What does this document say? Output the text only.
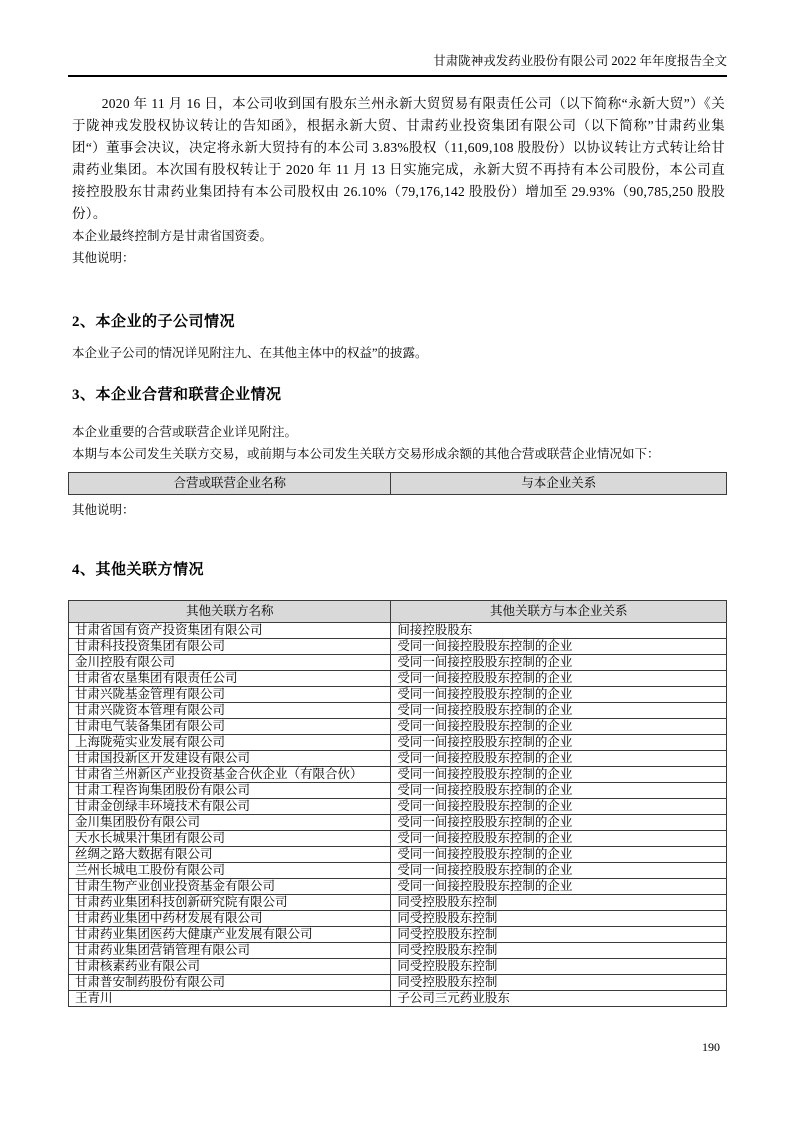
甘肃陇神戎发药业股份有限公司 2022 年年度报告全文

2020 年 11 月 16 日，本公司收到国有股东兰州永新大贸贸易有限责任公司（以下简称“永新大贸”）《关于陇神戎发股权协议转让的告知函》，根据永新大贸、甘肃药业投资集团有限公司（以下简称”甘肃药业集团“）董事会决议，决定将永新大贸持有的本公司 3.83%股权（11,609,108 股股份）以协议转让方式转让给甘肃药业集团。本次国有股权转让于 2020 年 11 月 13 日实施完成，永新大贸不再持有本公司股份，本公司直接控股股东甘肃药业集团持有本公司股权由 26.10%（79,176,142 股股份）增加至 29.93%（90,785,250 股股份）。

本企业最终控制方是甘肃省国资委。

其他说明：

2、本企业的子公司情况

本企业子公司的情况详见附注九、在其他主体中的权益”的披露。

3、本企业合营和联营企业情况

本企业重要的合营或联营企业详见附注。

本期与本公司发生关联方交易，或前期与本公司发生关联方交易形成余额的其他合营或联营企业情况如下：

合营或联营企业名称	与本企业关系

其他说明：

4、其他关联方情况
其他关联方名称	其他关联方与本企业关系
甘肃省国有资产投资集团有限公司	间接控股股东
甘肃科技投资集团有限公司	受同一间接控股股东控制的企业
金川控股有限公司	受同一间接控股股东控制的企业
甘肃省农垦集团有限责任公司	受同一间接控股股东控制的企业
甘肃兴陇基金管理有限公司	受同一间接控股股东控制的企业
甘肃兴陇资本管理有限公司	受同一间接控股股东控制的企业
甘肃电气装备集团有限公司	受同一间接控股股东控制的企业
上海陇菀实业发展有限公司	受同一间接控股股东控制的企业
甘肃国投新区开发建设有限公司	受同一间接控股股东控制的企业
甘肃省兰州新区产业投资基金合伙企业（有限合伙）	受同一间接控股股东控制的企业
甘肃工程咨询集团股份有限公司	受同一间接控股股东控制的企业
甘肃金创绿丰环境技术有限公司	受同一间接控股股东控制的企业
金川集团股份有限公司	受同一间接控股股东控制的企业
天水长城果汁集团有限公司	受同一间接控股股东控制的企业
丝绸之路大数据有限公司	受同一间接控股股东控制的企业
兰州长城电工股份有限公司	受同一间接控股股东控制的企业
甘肃生物产业创业投资基金有限公司	受同一间接控股股东控制的企业
甘肃药业集团科技创新研究院有限公司	同受控股股东控制
甘肃药业集团中药材发展有限公司	同受控股股东控制
甘肃药业集团医药大健康产业发展有限公司	同受控股股东控制
甘肃药业集团营销管理有限公司	同受控股股东控制
甘肃核素药业有限公司	同受控股股东控制
甘肃普安制药股份有限公司	同受控股股东控制
王青川	子公司三元药业股东
190
